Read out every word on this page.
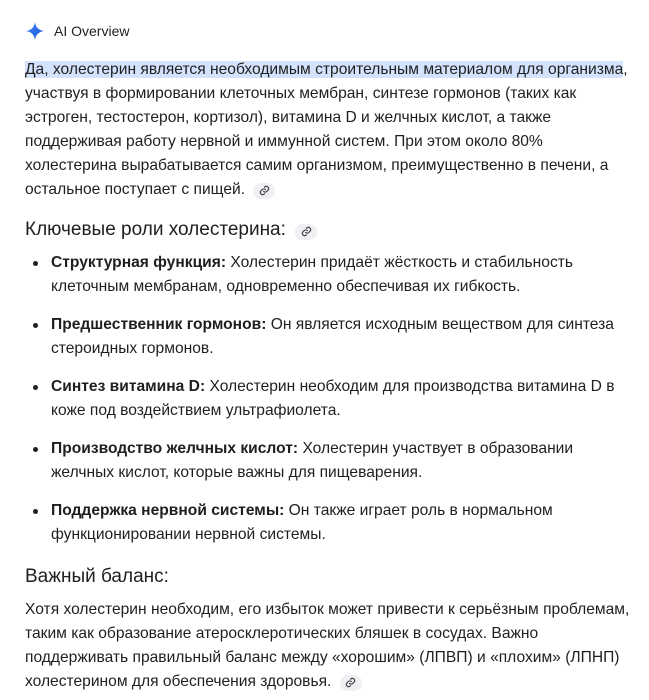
AI Overview

Да, холестерин является необходимым строительным материалом для организма, участвуя в формировании клеточных мембран, синтезе гормонов (таких как эстроген, тестостерон, кортизол), витамина D и желчных кислот, а также поддерживая работу нервной и иммунной систем. При этом около 80% холестерина вырабатывается самим организмом, преимущественно в печени, а остальное поступает с пищей.

Ключевые роли холестерина:
Структурная функция: Холестерин придаёт жёсткость и стабильность клеточным мембранам, одновременно обеспечивая их гибкость.
Предшественник гормонов: Он является исходным веществом для синтеза стероидных гормонов.
Синтез витамина D: Холестерин необходим для производства витамина D в коже под воздействием ультрафиолета.
Производство желчных кислот: Холестерин участвует в образовании желчных кислот, которые важны для пищеварения.
Поддержка нервной системы: Он также играет роль в нормальном функционировании нервной системы.
Важный баланс:

Хотя холестерин необходим, его избыток может привести к серьёзным проблемам, таким как образование атеросклеротических бляшек в сосудах. Важно поддерживать правильный баланс между «хорошим» (ЛПВП) и «плохим» (ЛПНП) холестерином для обеспечения здоровья.
